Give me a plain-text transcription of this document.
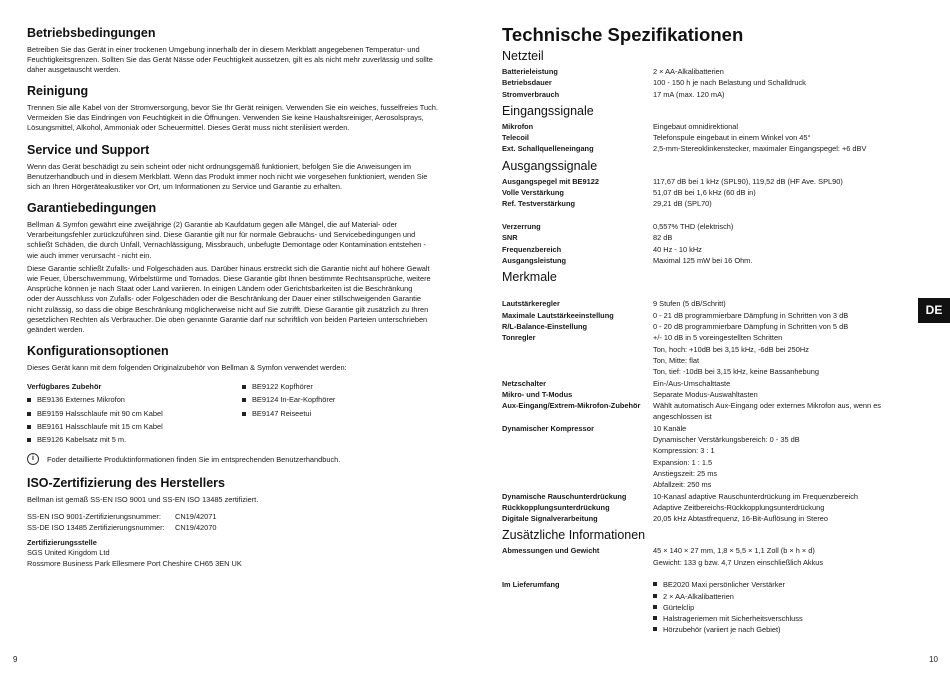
Betriebsbedingungen
Betreiben Sie das Gerät in einer trockenen Umgebung innerhalb der in diesem Merkblatt angegebenen Temperatur- und
Feuchtigkeitsgrenzen. Sollten Sie das Gerät Nässe oder Feuchtigkeit aussetzen, gilt es als nicht mehr zuverlässig und sollte
daher ausgetauscht werden.
Reinigung
Trennen Sie alle Kabel von der Stromversorgung, bevor Sie Ihr Gerät reinigen. Verwenden Sie ein weiches, fusselfreies Tuch.
Vermeiden Sie das Eindringen von Feuchtigkeit in die Öffnungen. Verwenden Sie keine Haushaltsreiniger, Aerosolsprays,
Lösungsmittel, Alkohol, Ammoniak oder Scheuermittel. Dieses Gerät muss nicht sterilisiert werden.
Service und Support
Wenn das Gerät beschädigt zu sein scheint oder nicht ordnungsgemäß funktioniert, befolgen Sie die Anweisungen im
Benutzerhandbuch und in diesem Merkblatt. Wenn das Produkt immer noch nicht wie vorgesehen funktioniert, wenden Sie
sich an Ihren Hörgeräteakustiker vor Ort, um Informationen zu Service und Garantie zu erhalten.
Garantiebedingungen
Bellman & Symfon gewährt eine zweijährige (2) Garantie ab Kaufdatum gegen alle Mängel, die auf Material- oder
Verarbeitungsfehler zurückzuführen sind. Diese Garantie gilt nur für normale Gebrauchs- und Servicebedingungen und
schließt Schäden, die durch Unfall, Vernachlässigung, Missbrauch, unbefugte Demontage oder Kontamination entstehen -
wie auch immer verursacht - nicht ein.
Diese Garantie schließt Zufalls- und Folgeschäden aus. Darüber hinaus erstreckt sich die Garantie nicht auf höhere Gewalt
wie Feuer, Überschwemmung, Wirbelstürme und Tornados. Diese Garantie gibt Ihnen bestimmte Rechtsansprüche, weitere
Ansprüche können je nach Staat oder Land variieren. In einigen Ländern oder Gerichtsbarkeiten ist die Beschränkung
oder der Ausschluss von Zufalls- oder Folgeschäden oder die Beschränkung der Dauer einer stillschweigenden Garantie
nicht zulässig, so dass die obige Beschränkung möglicherweise nicht auf Sie zutrifft. Diese Garantie gilt zusätzlich zu Ihren
gesetzlichen Rechten als Verbraucher. Die oben genannte Garantie darf nur schriftlich von beiden Parteien unterschrieben
geändert werden.
Konfigurationsoptionen
Dieses Gerät kann mit dem folgenden Originalzubehör von Bellman & Symfon verwendet werden:
Verfügbares Zubehör
BE9136 Externes Mikrofon
BE9159 Halsschlaufe mit 90 cm Kabel
BE9161 Halsschlaufe mit 15 cm Kabel
BE9126 Kabelsatz mit 5 m.
BE9122 Kopfhörer
BE9124 In-Ear-Kopfhörer
BE9147 Reiseetui
i	Foder detaillierte Produktinformationen finden Sie im entsprechenden Benutzerhandbuch.
ISO-Zertifizierung des Herstellers
Bellman ist gemäß SS-EN ISO 9001 und SS-EN ISO 13485 zertifiziert.
SS-EN ISO 9001-Zertifizierungsnummer:	CN19/42071
SS-DE ISO 13485 Zertifizierungsnummer:	CN19/42070
Zertifizierungsstelle
SGS United Kingdom Ltd
Rossmore Business Park Ellesmere Port Cheshire CH65 3EN UK
9
Technische Spezifikationen
Netzteil
Batterieleistung	2 × AA-Alkalibatterien
Betriebsdauer	100 - 150 h je nach Belastung und Schalldruck
Stromverbrauch	17 mA (max. 120 mA)
Eingangssignale
Mikrofon	Eingebaut omnidirektional
Telecoil	Telefonspule eingebaut in einem Winkel von 45°
Ext. Schallquelleneingang	2,5-mm-Stereoklinkenstecker, maximaler Eingangspegel: +6 dBV
Ausgangssignale
Ausgangspegel mit BE9122	117,67 dB bei 1 kHz (SPL90), 119,52 dB (HF Ave. SPL90)
Volle Verstärkung	51,07 dB bei 1,6 kHz (60 dB in)
Ref. Testverstärkung	29,21 dB (SPL70)
Verzerrung	0,557% THD (elektrisch)
SNR	82 dB
Frequenzbereich	40 Hz - 10 kHz
Ausgangsleistung	Maximal 125 mW bei 16 Ohm.
Merkmale
Lautstärkeregler	9 Stufen (5 dB/Schritt)
Maximale Lautstärkeeinstellung	0 - 21 dB programmierbare Dämpfung in Schritten von 3 dB
R/L-Balance-Einstellung	0 - 20 dB programmierbare Dämpfung in Schritten von 5 dB
Tonregler	+/- 10 dB in 5 voreingestellten Schritten
Ton, hoch: +10dB bei 3,15 kHz, -6dB bei 250Hz
Ton, Mitte: flat
Ton, tief: -10dB bei 3,15 kHz, keine Bassanhebung
Netzschalter	Ein-/Aus-Umschalttaste
Mikro- und T-Modus	Separate Modus-Auswahltasten
Aux-Eingang/Extrem-Mikrofon-Zubehör	Wählt automatisch Aux-Eingang oder externes Mikrofon aus, wenn es
angeschlossen ist
Dynamischer Kompressor	10 Kanäle
Dynamischer Verstärkungsbereich: 0 - 35 dB
Kompression: 3 : 1
Expansion: 1 : 1.5
Anstiegszeit: 25 ms
Abfallzeit: 250 ms
Dynamische Rauschunterdrückung	10-Kanasl adaptive Rauschunterdrückung im Frequenzbereich
Rückkopplungsunterdrückung	Adaptive Zeitbereichs-Rückkopplungsunterdrückung
Digitale Signalverarbeitung	20,05 kHz Abtastfrequenz, 16-Bit-Auflösung in Stereo
Zusätzliche Informationen
Abmessungen und Gewicht	45 × 140 × 27 mm, 1,8 × 5,5 × 1,1 Zoll (b × h × d)
Gewicht: 133 g bzw. 4,7 Unzen einschließlich Akkus
Im Lieferumfang	BE2020 Maxi persönlicher Verstärker
2 × AA-Alkalibatterien
Gürtelclip
Halstrageriemen mit Sicherheitsverschluss
Hörzubehör (variiert je nach Gebiet)
DE
10
